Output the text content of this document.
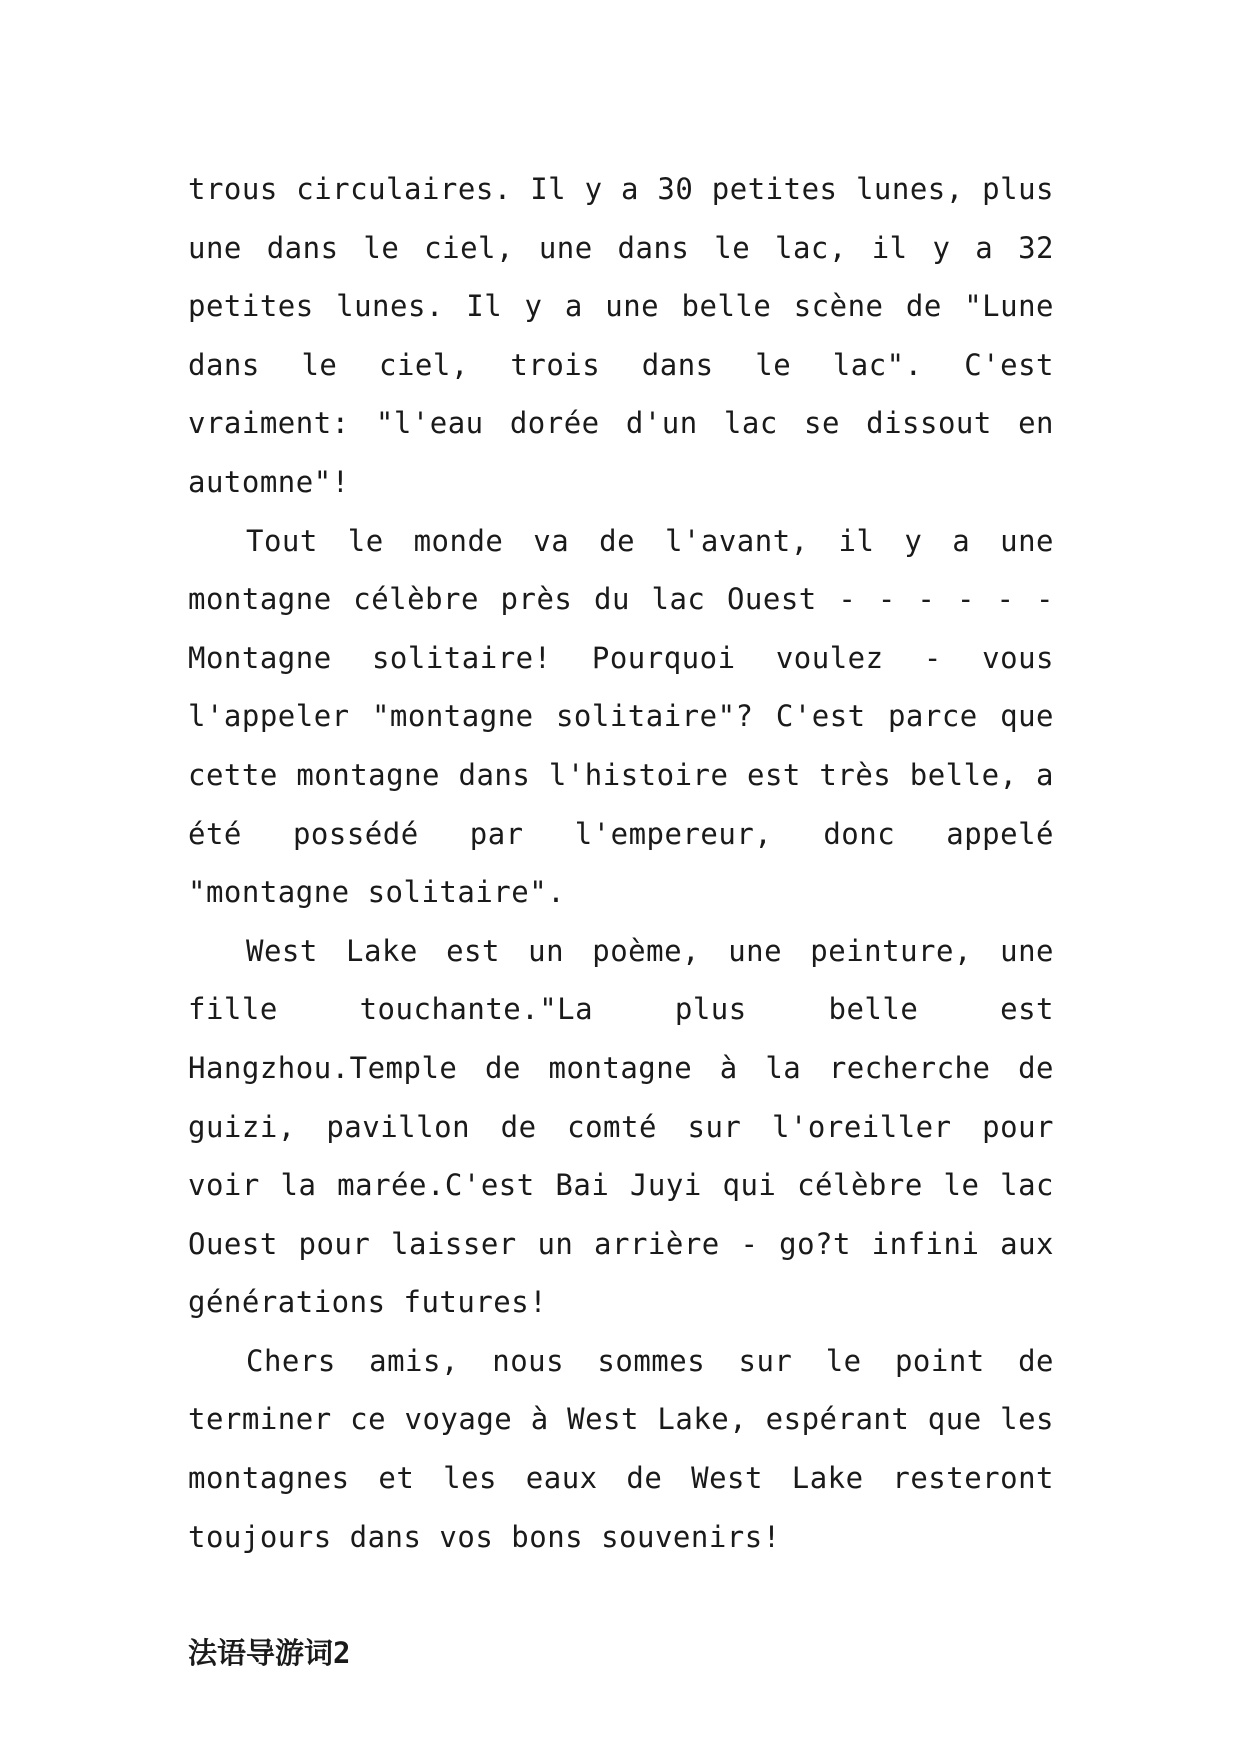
trous circulaires. Il y a 30 petites lunes, plus une dans le ciel, une dans le lac, il y a 32 petites lunes. Il y a une belle scène de "Lune dans le ciel, trois dans le lac". C'est vraiment: "l'eau dorée d'un lac se dissout en automne"!

Tout le monde va de l'avant, il y a une montagne célèbre près du lac Ouest - - - - - - Montagne solitaire! Pourquoi voulez - vous l'appeler "montagne solitaire"? C'est parce que cette montagne dans l'histoire est très belle, a été possédé par l'empereur, donc appelé "montagne solitaire".

West Lake est un poème, une peinture, une fille touchante."La plus belle est Hangzhou.Temple de montagne à la recherche de guizi, pavillon de comté sur l'oreiller pour voir la marée.C'est Bai Juyi qui célèbre le lac Ouest pour laisser un arrière - go?t infini aux générations futures!

Chers amis, nous sommes sur le point de terminer ce voyage à West Lake, espérant que les montagnes et les eaux de West Lake resteront toujours dans vos bons souvenirs!

法语导游词2
